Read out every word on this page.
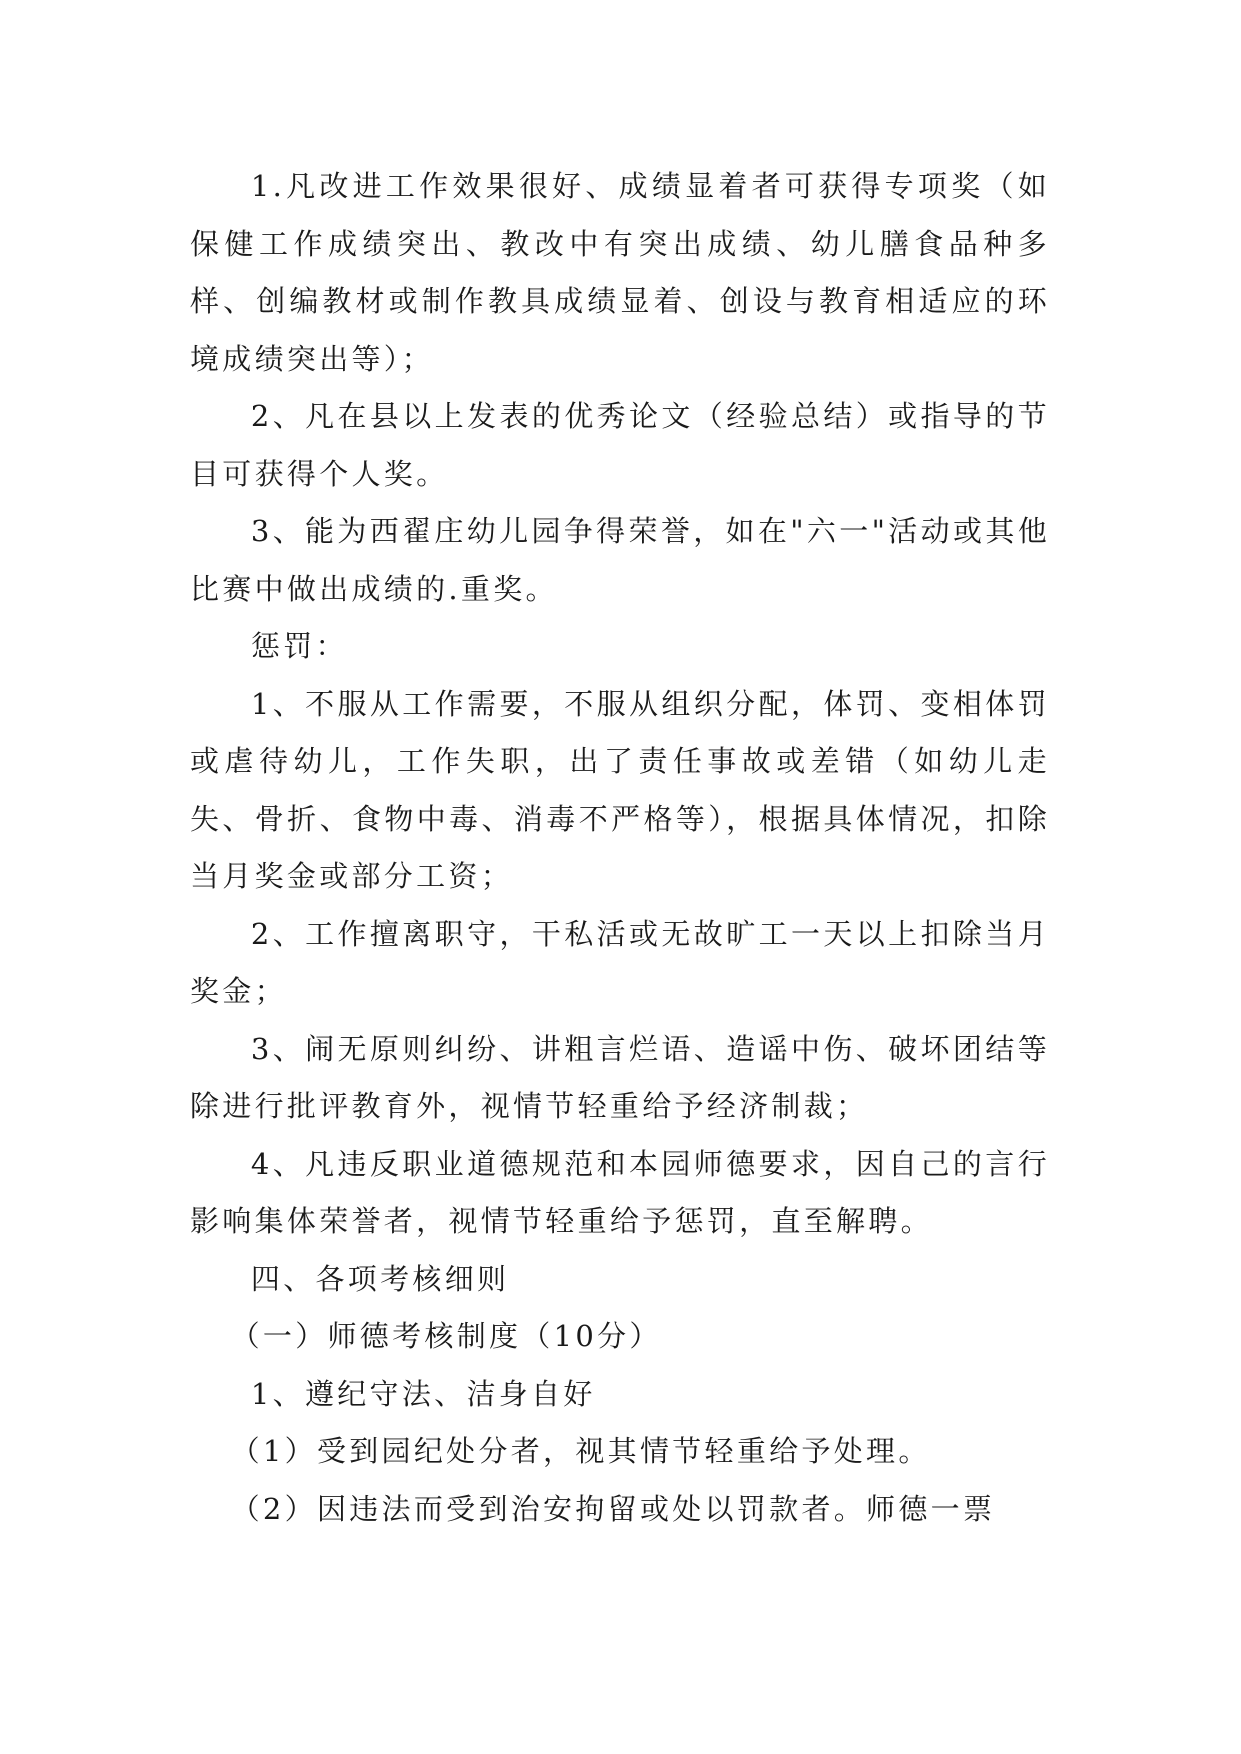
1.凡改进工作效果很好、成绩显着者可获得专项奖（如保健工作成绩突出、教改中有突出成绩、幼儿膳食品种多样、创编教材或制作教具成绩显着、创设与教育相适应的环境成绩突出等）；

2、凡在县以上发表的优秀论文（经验总结）或指导的节目可获得个人奖。

3、能为西翟庄幼儿园争得荣誉，如在"六一"活动或其他比赛中做出成绩的.重奖。

惩罚：

1、不服从工作需要，不服从组织分配，体罚、变相体罚或虐待幼儿，工作失职，出了责任事故或差错（如幼儿走失、骨折、食物中毒、消毒不严格等），根据具体情况，扣除当月奖金或部分工资；

2、工作擅离职守，干私活或无故旷工一天以上扣除当月奖金；

3、闹无原则纠纷、讲粗言烂语、造谣中伤、破坏团结等除进行批评教育外，视情节轻重给予经济制裁；

4、凡违反职业道德规范和本园师德要求，因自己的言行影响集体荣誉者，视情节轻重给予惩罚，直至解聘。

四、各项考核细则

（一）师德考核制度（10分）

1、遵纪守法、洁身自好

（1）受到园纪处分者，视其情节轻重给予处理。

（2）因违法而受到治安拘留或处以罚款者。师德一票
